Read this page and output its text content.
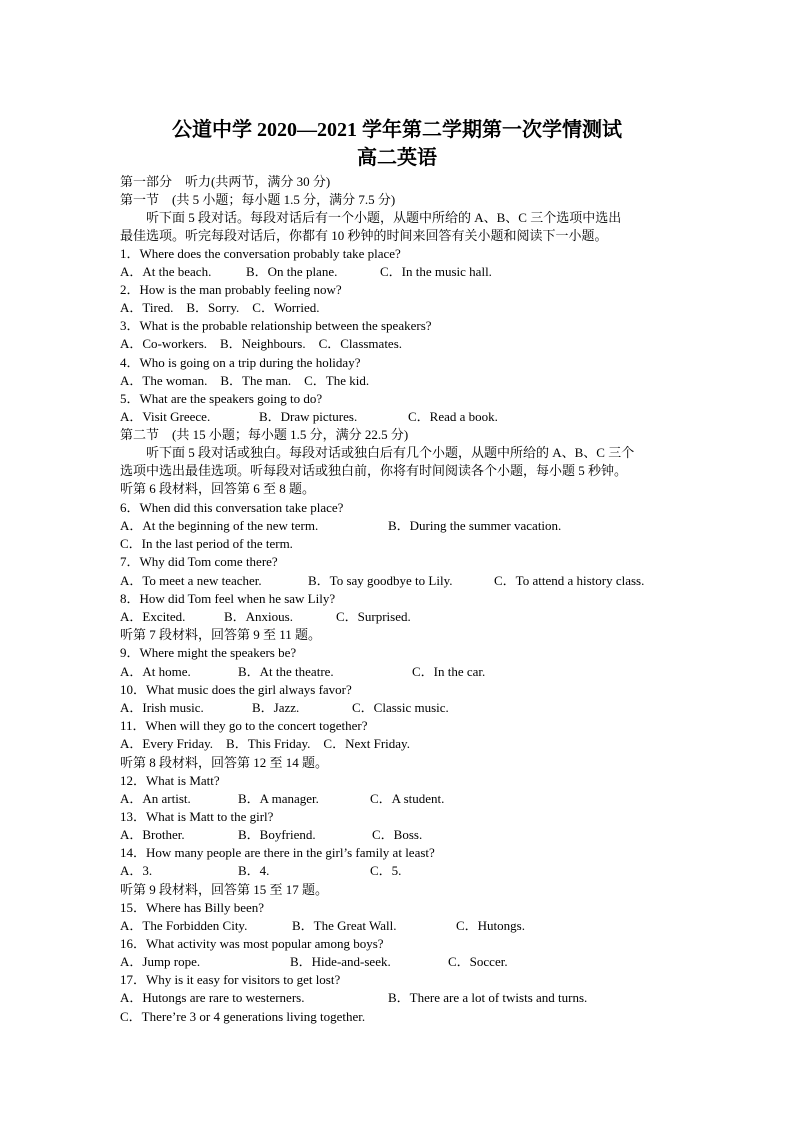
公道中学 2020—2021 学年第二学期第一次学情测试
高二英语
第一部分　听力(共两节，满分 30 分)
第一节　(共 5 小题；每小题 1.5 分，满分 7.5 分)
听下面 5 段对话。每段对话后有一个小题，从题中所给的 A、B、C 三个选项中选出
最佳选项。听完每段对话后，你都有 10 秒钟的时间来回答有关小题和阅读下一小题。
1．Where does the conversation probably take place?
A．At the beach.	B．On the plane.	C．In the music hall.
2．How is the man probably feeling now?
A．Tired.　B．Sorry.　C．Worried.
3．What is the probable relationship between the speakers?
A．Co-workers.　B．Neighbours.　C．Classmates.
4．Who is going on a trip during the holiday?
A．The woman.　B．The man.　C．The kid.
5．What are the speakers going to do?
A．Visit Greece.	B．Draw pictures.	C．Read a book.
第二节　(共 15 小题；每小题 1.5 分，满分 22.5 分)
听下面 5 段对话或独白。每段对话或独白后有几个小题，从题中所给的 A、B、C 三个
选项中选出最佳选项。听每段对话或独白前，你将有时间阅读各个小题，每小题 5 秒钟。
听第 6 段材料，回答第 6 至 8 题。
6．When did this conversation take place?
A．At the beginning of the new term.	B．During the summer vacation.
C．In the last period of the term.
7．Why did Tom come there?
A．To meet a new teacher.	B．To say goodbye to Lily.	C．To attend a history class.
8．How did Tom feel when he saw Lily?
A．Excited.	B．Anxious.	C．Surprised.
听第 7 段材料，回答第 9 至 11 题。
9．Where might the speakers be?
A．At home.	B．At the theatre.	C．In the car.
10．What music does the girl always favor?
A．Irish music.	B．Jazz.	C．Classic music.
11．When will they go to the concert together?
A．Every Friday.　B．This Friday.　C．Next Friday.
听第 8 段材料，回答第 12 至 14 题。
12．What is Matt?
A．An artist.	B．A manager.	C．A student.
13．What is Matt to the girl?
A．Brother.	B．Boyfriend.	C．Boss.
14．How many people are there in the girl’s family at least?
A．3.	B．4.	C．5.
听第 9 段材料，回答第 15 至 17 题。
15．Where has Billy been?
A．The Forbidden City.	B．The Great Wall.	C．Hutongs.
16．What activity was most popular among boys?
A．Jump rope.	B．Hide-and-seek.	C．Soccer.
17．Why is it easy for visitors to get lost?
A．Hutongs are rare to westerners.	B．There are a lot of twists and turns.
C．There’re 3 or 4 generations living together.
